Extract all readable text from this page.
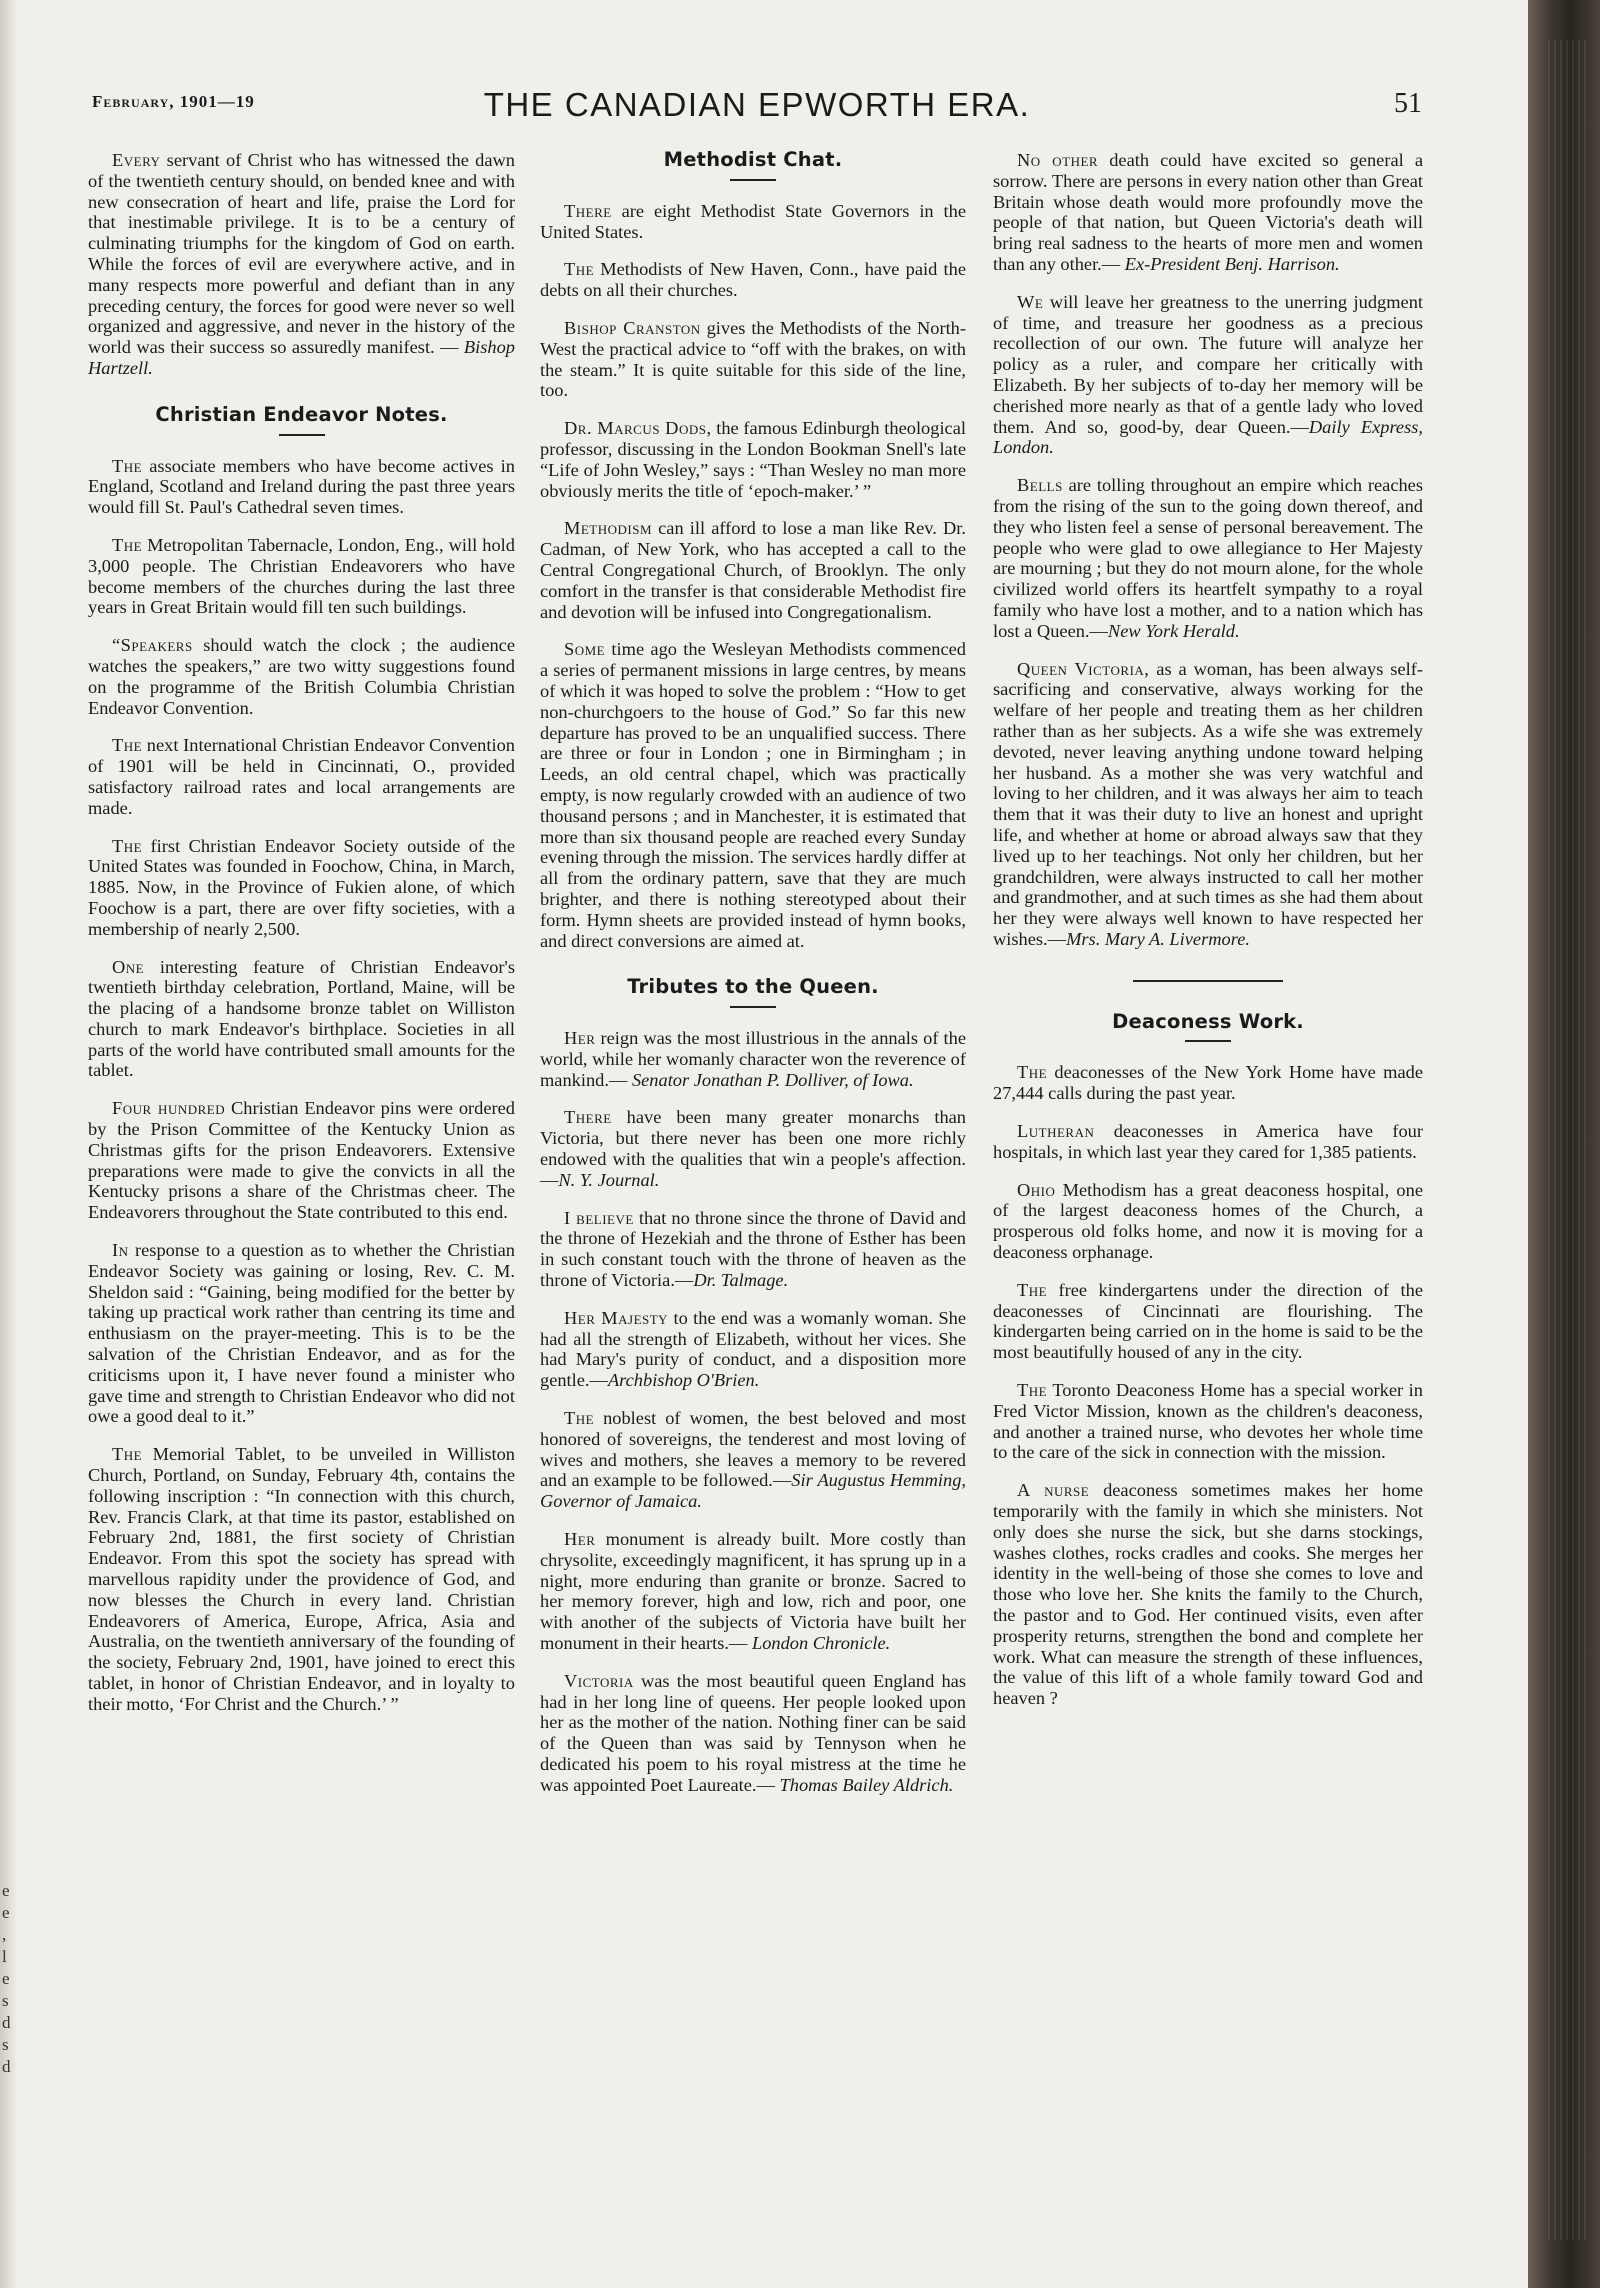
e
e
,
l
e
s
d
s
d
February, 1901—19	THE CANADIAN EPWORTH ERA.	51

Every servant of Christ who has witnessed the dawn of the twentieth century should, on bended knee and with new consecration of heart and life, praise the Lord for that inestimable privilege. It is to be a century of culminating triumphs for the kingdom of God on earth. While the forces of evil are everywhere active, and in many respects more powerful and defiant than in any preceding century, the forces for good were never so well organized and aggressive, and never in the history of the world was their success so assuredly manifest. — Bishop Hartzell.

Christian Endeavor Notes.

The associate members who have become actives in England, Scotland and Ireland during the past three years would fill St. Paul's Cathedral seven times.

The Metropolitan Tabernacle, London, Eng., will hold 3,000 people. The Christian Endeavorers who have become members of the churches during the last three years in Great Britain would fill ten such buildings.

“Speakers should watch the clock ; the audience watches the speakers,” are two witty suggestions found on the programme of the British Columbia Christian Endeavor Convention.

The next International Christian Endeavor Convention of 1901 will be held in Cincinnati, O., provided satisfactory railroad rates and local arrangements are made.

The first Christian Endeavor Society outside of the United States was founded in Foochow, China, in March, 1885. Now, in the Province of Fukien alone, of which Foochow is a part, there are over fifty societies, with a membership of nearly 2,500.

One interesting feature of Christian Endeavor's twentieth birthday celebration, Portland, Maine, will be the placing of a handsome bronze tablet on Williston church to mark Endeavor's birthplace. Societies in all parts of the world have contributed small amounts for the tablet.

Four hundred Christian Endeavor pins were ordered by the Prison Committee of the Kentucky Union as Christmas gifts for the prison Endeavorers. Extensive preparations were made to give the convicts in all the Kentucky prisons a share of the Christmas cheer. The Endeavorers throughout the State contributed to this end.

In response to a question as to whether the Christian Endeavor Society was gaining or losing, Rev. C. M. Sheldon said : “Gaining, being modified for the better by taking up practical work rather than centring its time and enthusiasm on the prayer-meeting. This is to be the salvation of the Christian Endeavor, and as for the criticisms upon it, I have never found a minister who gave time and strength to Christian Endeavor who did not owe a good deal to it.”

The Memorial Tablet, to be unveiled in Williston Church, Portland, on Sunday, February 4th, contains the following inscription : “In connection with this church, Rev. Francis Clark, at that time its pastor, established on February 2nd, 1881, the first society of Christian Endeavor. From this spot the society has spread with marvellous rapidity under the providence of God, and now blesses the Church in every land. Christian Endeavorers of America, Europe, Africa, Asia and Australia, on the twentieth anniversary of the founding of the society, February 2nd, 1901, have joined to erect this tablet, in honor of Christian Endeavor, and in loyalty to their motto, ‘For Christ and the Church.’ ”

Methodist Chat.

There are eight Methodist State Governors in the United States.

The Methodists of New Haven, Conn., have paid the debts on all their churches.

Bishop Cranston gives the Methodists of the North-West the practical advice to “off with the brakes, on with the steam.” It is quite suitable for this side of the line, too.

Dr. Marcus Dods, the famous Edinburgh theological professor, discussing in the London Bookman Snell's late “Life of John Wesley,” says : “Than Wesley no man more obviously merits the title of ‘epoch-maker.’ ”

Methodism can ill afford to lose a man like Rev. Dr. Cadman, of New York, who has accepted a call to the Central Congregational Church, of Brooklyn. The only comfort in the transfer is that considerable Methodist fire and devotion will be infused into Congregationalism.

Some time ago the Wesleyan Methodists commenced a series of permanent missions in large centres, by means of which it was hoped to solve the problem : “How to get non-churchgoers to the house of God.” So far this new departure has proved to be an unqualified success. There are three or four in London ; one in Birmingham ; in Leeds, an old central chapel, which was practically empty, is now regularly crowded with an audience of two thousand persons ; and in Manchester, it is estimated that more than six thousand people are reached every Sunday evening through the mission. The services hardly differ at all from the ordinary pattern, save that they are much brighter, and there is nothing stereotyped about their form. Hymn sheets are provided instead of hymn books, and direct conversions are aimed at.

Tributes to the Queen.

Her reign was the most illustrious in the annals of the world, while her womanly character won the reverence of mankind.— Senator Jonathan P. Dolliver, of Iowa.

There have been many greater monarchs than Victoria, but there never has been one more richly endowed with the qualities that win a people's affection.—N. Y. Journal.

I believe that no throne since the throne of David and the throne of Hezekiah and the throne of Esther has been in such constant touch with the throne of heaven as the throne of Victoria.—Dr. Talmage.

Her Majesty to the end was a womanly woman. She had all the strength of Elizabeth, without her vices. She had Mary's purity of conduct, and a disposition more gentle.—Archbishop O'Brien.

The noblest of women, the best beloved and most honored of sovereigns, the tenderest and most loving of wives and mothers, she leaves a memory to be revered and an example to be followed.—Sir Augustus Hemming, Governor of Jamaica.

Her monument is already built. More costly than chrysolite, exceedingly magnificent, it has sprung up in a night, more enduring than granite or bronze. Sacred to her memory forever, high and low, rich and poor, one with another of the subjects of Victoria have built her monument in their hearts.— London Chronicle.

Victoria was the most beautiful queen England has had in her long line of queens. Her people looked upon her as the mother of the nation. Nothing finer can be said of the Queen than was said by Tennyson when he dedicated his poem to his royal mistress at the time he was appointed Poet Laureate.— Thomas Bailey Aldrich.

No other death could have excited so general a sorrow. There are persons in every nation other than Great Britain whose death would more profoundly move the people of that nation, but Queen Victoria's death will bring real sadness to the hearts of more men and women than any other.— Ex-President Benj. Harrison.

We will leave her greatness to the unerring judgment of time, and treasure her goodness as a precious recollection of our own. The future will analyze her policy as a ruler, and compare her critically with Elizabeth. By her subjects of to-day her memory will be cherished more nearly as that of a gentle lady who loved them. And so, good-by, dear Queen.—Daily Express, London.

Bells are tolling throughout an empire which reaches from the rising of the sun to the going down thereof, and they who listen feel a sense of personal bereavement. The people who were glad to owe allegiance to Her Majesty are mourning ; but they do not mourn alone, for the whole civilized world offers its heartfelt sympathy to a royal family who have lost a mother, and to a nation which has lost a Queen.—New York Herald.

Queen Victoria, as a woman, has been always self-sacrificing and conservative, always working for the welfare of her people and treating them as her children rather than as her subjects. As a wife she was extremely devoted, never leaving anything undone toward helping her husband. As a mother she was very watchful and loving to her children, and it was always her aim to teach them that it was their duty to live an honest and upright life, and whether at home or abroad always saw that they lived up to her teachings. Not only her children, but her grandchildren, were always instructed to call her mother and grandmother, and at such times as she had them about her they were always well known to have respected her wishes.—Mrs. Mary A. Livermore.

Deaconess Work.

The deaconesses of the New York Home have made 27,444 calls during the past year.

Lutheran deaconesses in America have four hospitals, in which last year they cared for 1,385 patients.

Ohio Methodism has a great deaconess hospital, one of the largest deaconess homes of the Church, a prosperous old folks home, and now it is moving for a deaconess orphanage.

The free kindergartens under the direction of the deaconesses of Cincinnati are flourishing. The kindergarten being carried on in the home is said to be the most beautifully housed of any in the city.

The Toronto Deaconess Home has a special worker in Fred Victor Mission, known as the children's deaconess, and another a trained nurse, who devotes her whole time to the care of the sick in connection with the mission.

A nurse deaconess sometimes makes her home temporarily with the family in which she ministers. Not only does she nurse the sick, but she darns stockings, washes clothes, rocks cradles and cooks. She merges her identity in the well-being of those she comes to love and those who love her. She knits the family to the Church, the pastor and to God. Her continued visits, even after prosperity returns, strengthen the bond and complete her work. What can measure the strength of these influences, the value of this lift of a whole family toward God and heaven ?
